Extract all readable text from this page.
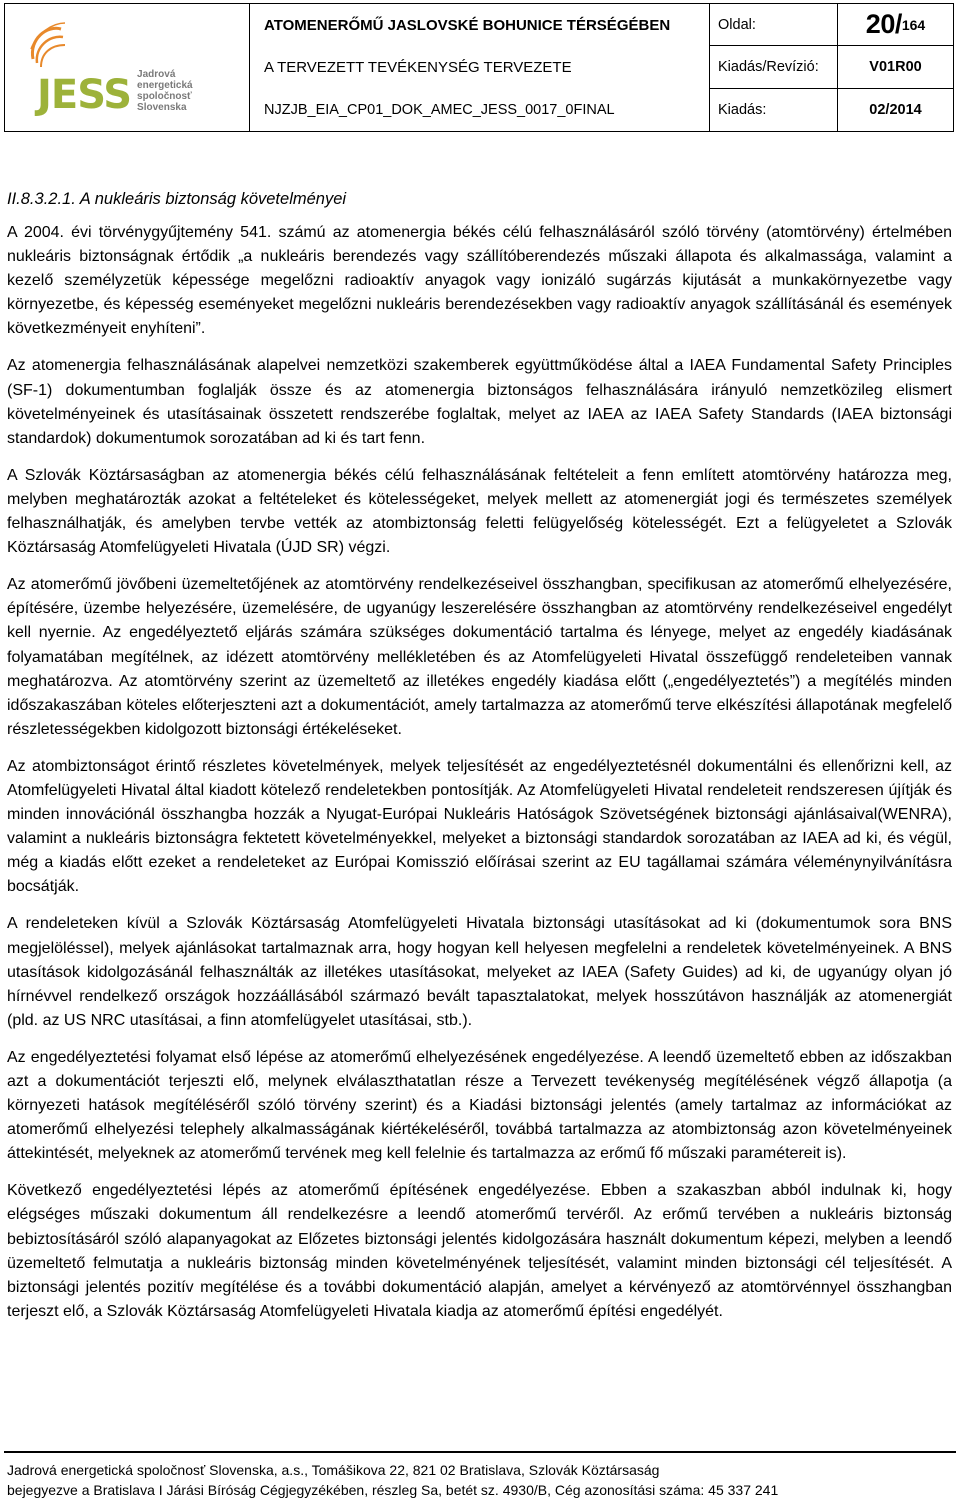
JESS Jadrová
energetická
spoločnosť
Slovenska
ATOMENERŐMŰ JASLOVSKÉ BOHUNICE TÉRSÉGÉBEN	Oldal:	20/ 164
A TERVEZETT TEVÉKENYSÉG TERVEZETE	Kiadás/Revízió:	V01R00
NJZJB_EIA_CP01_DOK_AMEC_JESS_0017_0FINAL	Kiadás:	02/2014

II.8.3.2.1. A nukleáris biztonság követelményei

A 2004. évi törvénygyűjtemény 541. számú az atomenergia békés célú felhasználásáról szóló törvény (atomtörvény) értelmében nukleáris biztonságnak értődik „a nukleáris berendezés vagy szállítóberendezés műszaki állapota és alkalmassága, valamint a kezelő személyzetük képessége megelőzni radioaktív anyagok vagy ionizáló sugárzás kijutását a munkakörnyezetbe vagy környezetbe, és képesség eseményeket megelőzni nukleáris berendezésekben vagy radioaktív anyagok szállításánál és események következményeit enyhíteni”.

Az atomenergia felhasználásának alapelvei nemzetközi szakemberek együttműködése által a IAEA Fundamental Safety Principles (SF-1) dokumentumban foglalják össze és az atomenergia biztonságos felhasználására irányuló nemzetközileg elismert követelményeinek és utasításainak összetett rendszerébe foglaltak, melyet az IAEA az IAEA Safety Standards (IAEA biztonsági standardok) dokumentumok sorozatában ad ki és tart fenn.

A Szlovák Köztársaságban az atomenergia békés célú felhasználásának feltételeit a fenn említett atomtörvény határozza meg, melyben meghatározták azokat a feltételeket és kötelességeket, melyek mellett az atomenergiát jogi és természetes személyek felhasználhatják, és amelyben tervbe vették az atombiztonság feletti felügyelőség kötelességét. Ezt a felügyeletet a Szlovák Köztársaság Atomfelügyeleti Hivatala (ÚJD SR) végzi.

Az atomerőmű jövőbeni üzemeltetőjének az atomtörvény rendelkezéseivel összhangban, specifikusan az atomerőmű elhelyezésére, építésére, üzembe helyezésére, üzemelésére, de ugyanúgy leszerelésére összhangban az atomtörvény rendelkezéseivel engedélyt kell nyernie. Az engedélyeztető eljárás számára szükséges dokumentáció tartalma és lényege, melyet az engedély kiadásának folyamatában megítélnek, az idézett atomtörvény mellékletében és az Atomfelügyeleti Hivatal összefüggő rendeleteiben vannak meghatározva. Az atomtörvény szerint az üzemeltető az illetékes engedély kiadása előtt („engedélyeztetés”) a megítélés minden időszakaszában köteles előterjeszteni azt a dokumentációt, amely tartalmazza az atomerőmű terve elkészítési állapotának megfelelő részletességekben kidolgozott biztonsági értékeléseket.

Az atombiztonságot érintő részletes követelmények, melyek teljesítését az engedélyeztetésnél dokumentálni és ellenőrizni kell, az Atomfelügyeleti Hivatal által kiadott kötelező rendeletekben pontosítják. Az Atomfelügyeleti Hivatal rendeleteit rendszeresen újítják és minden innovációnál összhangba hozzák a Nyugat-Európai Nukleáris Hatóságok Szövetségének biztonsági ajánlásaival(WENRA), valamint a nukleáris biztonságra fektetett követelményekkel, melyeket a biztonsági standardok sorozatában az IAEA ad ki, és végül, még a kiadás előtt ezeket a rendeleteket az Európai Komisszió előírásai szerint az EU tagállamai számára véleménynyilvánításra bocsátják.

A rendeleteken kívül a Szlovák Köztársaság Atomfelügyeleti Hivatala biztonsági utasításokat ad ki (dokumentumok sora BNS megjelöléssel), melyek ajánlásokat tartalmaznak arra, hogy hogyan kell helyesen megfelelni a rendeletek követelményeinek. A BNS utasítások kidolgozásánál felhasználták az illetékes utasításokat, melyeket az IAEA (Safety Guides) ad ki, de ugyanúgy olyan jó hírnévvel rendelkező országok hozzáállásából származó bevált tapasztalatokat, melyek hosszútávon használják az atomenergiát (pld. az US NRC utasításai, a finn atomfelügyelet utasításai, stb.).

Az engedélyeztetési folyamat első lépése az atomerőmű elhelyezésének engedélyezése. A leendő üzemeltető ebben az időszakban azt a dokumentációt terjeszti elő, melynek elválaszthatatlan része a Tervezett tevékenység megítélésének végző állapotja (a környezeti hatások megítéléséről szóló törvény szerint) és a Kiadási biztonsági jelentés (amely tartalmaz az információkat az atomerőmű elhelyezési telephely alkalmasságának kiértékeléséről, továbbá tartalmazza az atombiztonság azon követelményeinek áttekintését, melyeknek az atomerőmű tervének meg kell felelnie és tartalmazza az erőmű fő műszaki paramétereit is).

Következő engedélyeztetési lépés az atomerőmű építésének engedélyezése. Ebben a szakaszban abból indulnak ki, hogy elégséges műszaki dokumentum áll rendelkezésre a leendő atomerőmű tervéről. Az erőmű tervében a nukleáris biztonság bebiztosításáról szóló alapanyagokat az Előzetes biztonsági jelentés kidolgozására használt dokumentum képezi, melyben a leendő üzemeltető felmutatja a nukleáris biztonság minden követelményének teljesítését, valamint minden biztonsági cél teljesítését. A biztonsági jelentés pozitív megítélése és a további dokumentáció alapján, amelyet a kérvényező az atomtörvénnyel összhangban terjeszt elő, a Szlovák Köztársaság Atomfelügyeleti Hivatala kiadja az atomerőmű építési engedélyét.

Jadrová energetická spoločnosť Slovenska, a.s., Tomášikova 22, 821 02 Bratislava, Szlovák Köztársaság
bejegyezve a Bratislava I Járási Bíróság Cégjegyzékében, részleg Sa, betét sz. 4930/B, Cég azonosítási száma: 45 337 241
